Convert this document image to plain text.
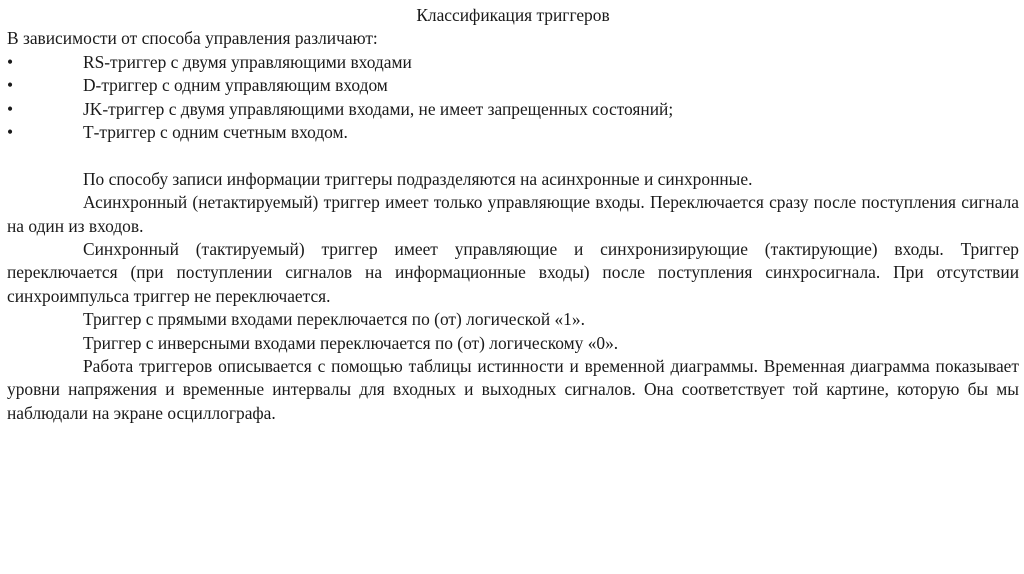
Классификация триггеров

В зависимости от способа управления различают:

•	RS-триггер с двумя управляющими входами
•	D-триггер с одним управляющим входом
•	JK-триггер с двумя управляющими входами, не имеет запрещенных состояний;
•	Т-триггер с одним счетным входом.

По способу записи информации триггеры подразделяются на асинхронные и синхронные.

Асинхронный (нетактируемый) триггер имеет только управляющие входы. Переключается сразу после поступления сигнала на один из входов.

Синхронный (тактируемый) триггер имеет управляющие и синхронизирующие (тактирующие) входы. Триггер переключается (при поступлении сигналов на информационные входы) после поступления синхросигнала. При отсутствии синхроимпульса триггер не переключается.

Триггер с прямыми входами переключается по (от) логической «1».

Триггер с инверсными входами переключается по (от) логическому «0».

Работа триггеров описывается с помощью таблицы истинности и временной диаграммы. Временная диаграмма показывает уровни напряжения и временные интервалы для входных и выходных сигналов. Она соответствует той картине, которую бы мы наблюдали на экране осциллографа.
